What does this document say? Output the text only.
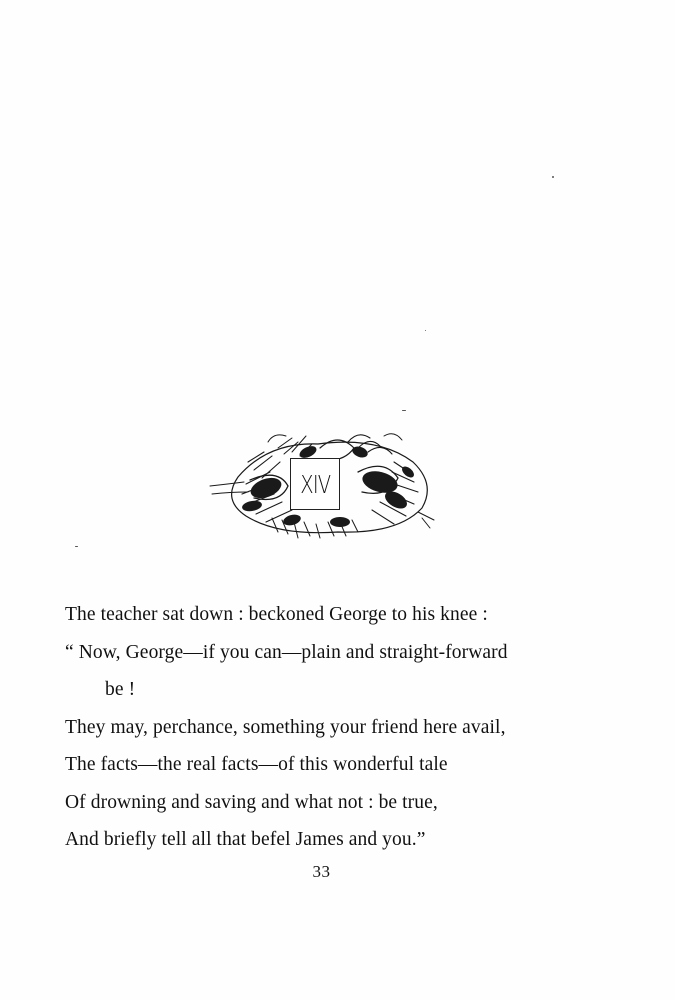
XIV
The teacher sat down : beckoned George to his knee :
“ Now, George—if you can—plain and straight-forward
be !
They may, perchance, something your friend here avail,
The facts—the real facts—of this wonderful tale
Of drowning and saving and what not : be true,
And briefly tell all that befel James and you.”
33
